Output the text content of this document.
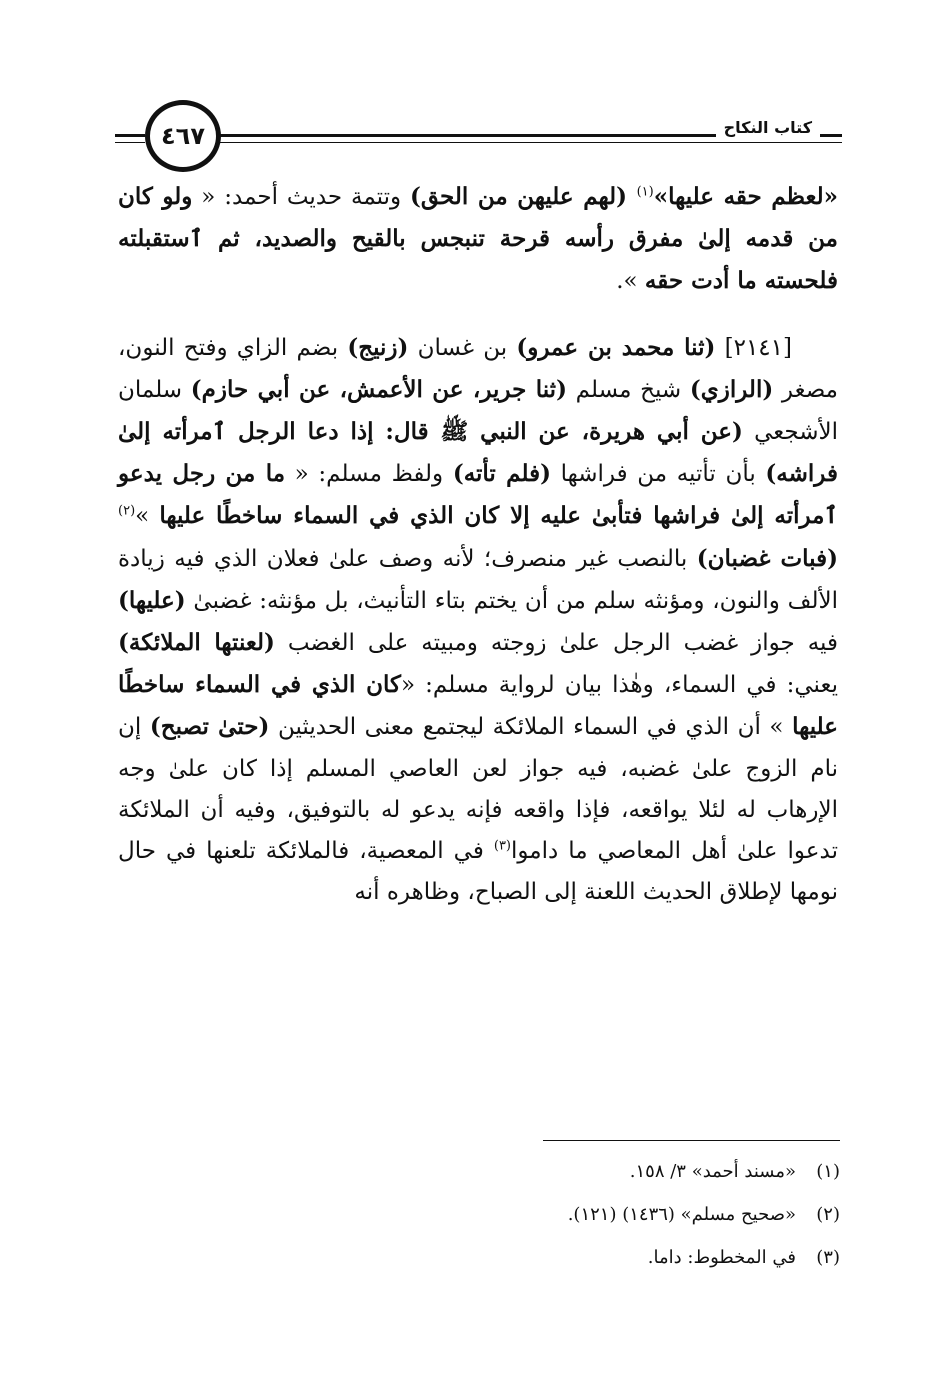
٤٦٧	كتاب النكاح

«لعظم حقه عليها»$^{(١)}$ (لهم عليهن من الحق) وتتمة حديث أحمد: « ولو كان من قدمه إلىٰ مفرق رأسه قرحة تنبجس بالقيح والصديد، ثم ٱستقبلته فلحسته ما أدت حقه ».

[٢١٤١] (ثنا محمد بن عمرو) بن غسان (زنيج) بضم الزاي وفتح النون، مصغر (الرازي) شيخ مسلم (ثنا جرير، عن الأعمش، عن أبي حازم) سلمان الأشجعي (عن أبي هريرة، عن النبي ﷺ قال: إذا دعا الرجل ٱمرأته إلىٰ فراشه) بأن تأتيه من فراشها (فلم تأته) ولفظ مسلم: « ما من رجل يدعو ٱمرأته إلىٰ فراشها فتأبىٰ عليه إلا كان الذي في السماء ساخطًا عليها »$^{(٢)}$ (فبات غضبان) بالنصب غير منصرف؛ لأنه وصف علىٰ فعلان الذي فيه زيادة الألف والنون، ومؤنثه سلم من أن يختم بتاء التأنيث، بل مؤنثه: غضبىٰ (عليها) فيه جواز غضب الرجل علىٰ زوجته ومبيته على الغضب (لعنتها الملائكة) يعني: في السماء، وهٰذا بيان لرواية مسلم: «كان الذي في السماء ساخطًا عليها » أن الذي في السماء الملائكة ليجتمع معنى الحديثين (حتىٰ تصبح) إن نام الزوج علىٰ غضبه، فيه جواز لعن العاصي المسلم إذا كان علىٰ وجه الإرهاب له لئلا يواقعه، فإذا واقعه فإنه يدعو له بالتوفيق، وفيه أن الملائكة تدعوا علىٰ أهل المعاصي ما داموا$^{(٣)}$ في المعصية، فالملائكة تلعنها في حال نومها لإطلاق الحديث اللعنة إلى الصباح، وظاهره أنه

(١)«مسند أحمد» ٣/ ١٥٨.

(٢)«صحيح مسلم» (١٤٣٦) (١٢١).

(٣)في المخطوط: داما.
